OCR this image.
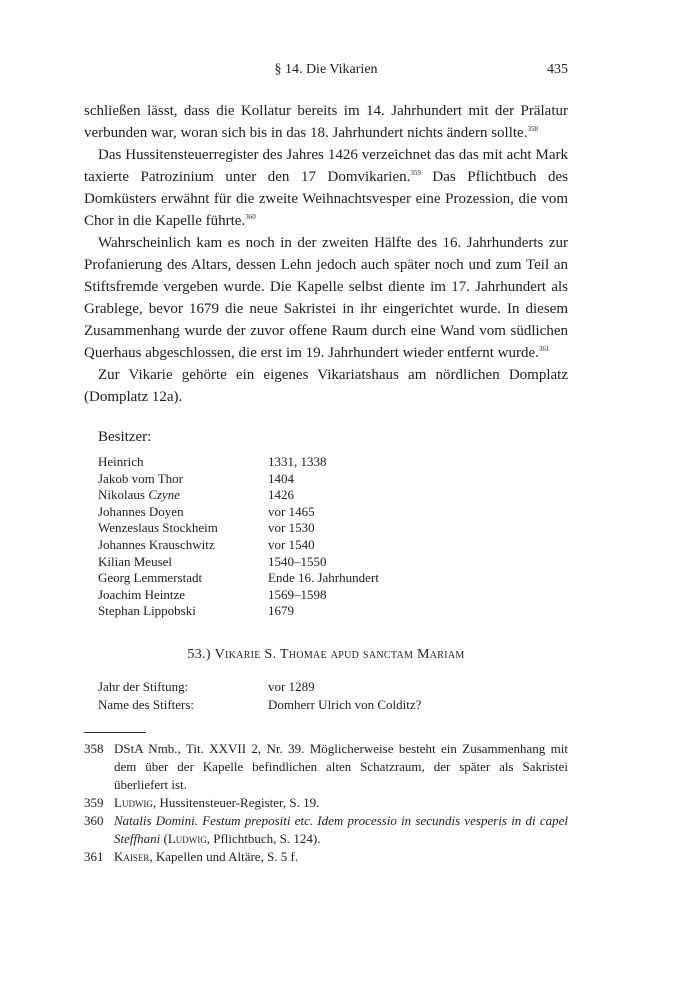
§ 14. Die Vikarien	435

schließen lässt, dass die Kollatur bereits im 14. Jahrhundert mit der Prälatur verbunden war, woran sich bis in das 18. Jahrhundert nichts ändern sollte.$^{358}$

Das Hussitensteuerregister des Jahres 1426 verzeichnet das das mit acht Mark taxierte Patrozinium unter den 17 Domvikarien.$^{359}$ Das Pflichtbuch des Domküsters erwähnt für die zweite Weihnachtsvesper eine Prozession, die vom Chor in die Kapelle führte.$^{360}$

Wahrscheinlich kam es noch in der zweiten Hälfte des 16. Jahrhunderts zur Profanierung des Altars, dessen Lehn jedoch auch später noch und zum Teil an Stiftsfremde vergeben wurde. Die Kapelle selbst diente im 17. Jahrhundert als Grablege, bevor 1679 die neue Sakristei in ihr eingerichtet wurde. In diesem Zusammenhang wurde der zuvor offene Raum durch eine Wand vom südlichen Querhaus abgeschlossen, die erst im 19. Jahrhundert wieder entfernt wurde.$^{361}$

Zur Vikarie gehörte ein eigenes Vikariatshaus am nördlichen Domplatz (Domplatz 12a).

Besitzer:
Heinrich	1331, 1338
Jakob vom Thor	1404
Nikolaus Czyne	1426
Johannes Doyen	vor 1465
Wenzeslaus Stockheim	vor 1530
Johannes Krauschwitz	vor 1540
Kilian Meusel	1540–1550
Georg Lemmerstadt	Ende 16. Jahrhundert
Joachim Heintze	1569–1598
Stephan Lippobski	1679
53.) Vikarie S. Thomae apud sanctam Mariam
Jahr der Stiftung:	vor 1289
Name des Stifters:	Domherr Ulrich von Colditz?
358 DStA Nmb., Tit. XXVII 2, Nr. 39. Möglicherweise besteht ein Zusammenhang mit dem über der Kapelle befindlichen alten Schatzraum, der später als Sakristei überliefert ist.
359 Ludwig, Hussitensteuer-Register, S. 19.
360 Natalis Domini. Festum prepositi etc. Idem processio in secundis vesperis in di capel Steffhani (Ludwig, Pflichtbuch, S. 124).
361 Kaiser, Kapellen und Altäre, S. 5 f.
